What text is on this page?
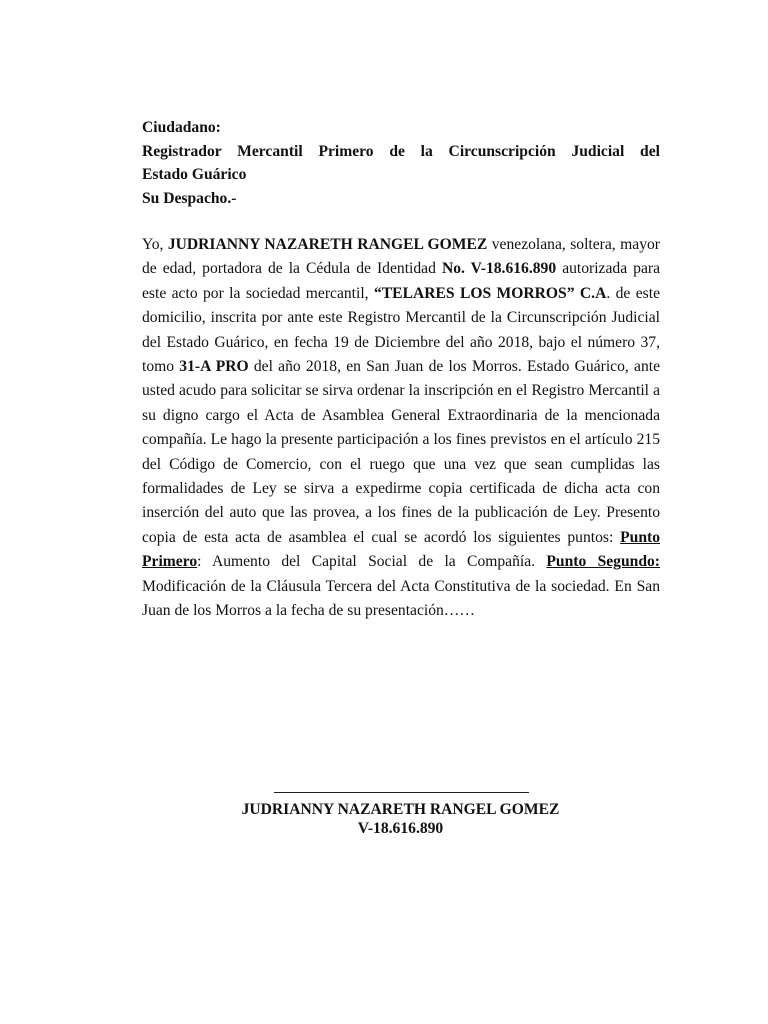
Ciudadano:
Registrador Mercantil Primero de la Circunscripción Judicial del
Estado Guárico
Su Despacho.-
Yo, JUDRIANNY NAZARETH RANGEL GOMEZ venezolana, soltera, mayor de edad, portadora de la Cédula de Identidad No. V-18.616.890 autorizada para este acto por la sociedad mercantil, “TELARES LOS MORROS” C.A. de este domicilio, inscrita por ante este Registro Mercantil de la Circunscripción Judicial del Estado Guárico, en fecha 19 de Diciembre del año 2018, bajo el número 37, tomo 31-A PRO del año 2018, en San Juan de los Morros. Estado Guárico, ante usted acudo para solicitar se sirva ordenar la inscripción en el Registro Mercantil a su digno cargo el Acta de Asamblea General Extraordinaria de la mencionada compañía. Le hago la presente participación a los fines previstos en el artículo 215 del Código de Comercio, con el ruego que una vez que sean cumplidas las formalidades de Ley se sirva a expedirme copia certificada de dicha acta con inserción del auto que las provea, a los fines de la publicación de Ley. Presento copia de esta acta de asamblea el cual se acordó los siguientes puntos: Punto Primero: Aumento del Capital Social de la Compañía. Punto Segundo: Modificación de la Cláusula Tercera del Acta Constitutiva de la sociedad. En San Juan de los Morros a la fecha de su presentación……
JUDRIANNY NAZARETH RANGEL GOMEZ
V-18.616.890
